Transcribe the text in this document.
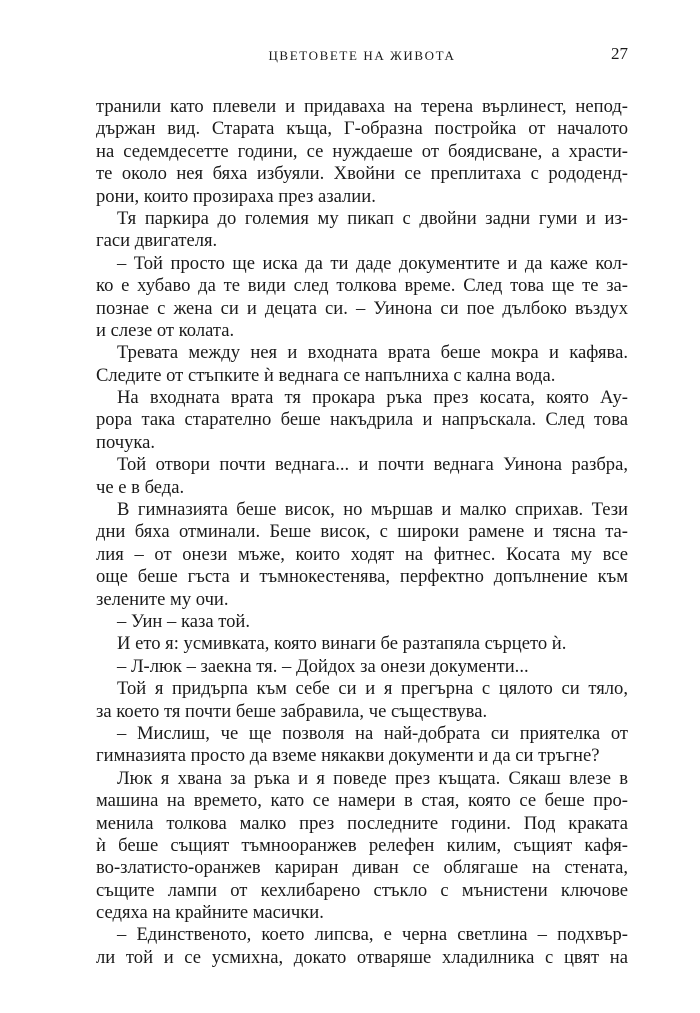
ЦВЕТОВЕТЕ НА ЖИВОТА	27
транили като плевели и придаваха на терена върлинест, непод-
държан вид. Старата къща, Г-образна постройка от началото
на седемдесетте години, се нуждаеше от боядисване, а храсти-
те около нея бяха избуяли. Хвойни се преплитаха с рододенд-
рони, които прозираха през азалии.
Тя паркира до големия му пикап с двойни задни гуми и из-
гаси двигателя.
– Той просто ще иска да ти даде документите и да каже кол-
ко е хубаво да те види след толкова време. След това ще те за-
познае с жена си и децата си. – Уинона си пое дълбоко въздух
и слезе от колата.
Тревата между нея и входната врата беше мокра и кафява.
Следите от стъпките ѝ веднага се напълниха с кална вода.
На входната врата тя прокара ръка през косата, която Ау-
рора така старателно беше накъдрила и напръскала. След това
почука.
Той отвори почти веднага... и почти веднага Уинона разбра,
че е в беда.
В гимназията беше висок, но мършав и малко сприхав. Тези
дни бяха отминали. Беше висок, с широки рамене и тясна та-
лия – от онези мъже, които ходят на фитнес. Косата му все
още беше гъста и тъмнокестенява, перфектно допълнение към
зелените му очи.
– Уин – каза той.
И ето я: усмивката, която винаги бе разтапяла сърцето ѝ.
– Л-люк – заекна тя. – Дойдох за онези документи...
Той я придърпа към себе си и я прегърна с цялото си тяло,
за което тя почти беше забравила, че съществува.
– Мислиш, че ще позволя на най-добрата си приятелка от
гимназията просто да вземе някакви документи и да си тръгне?
Люк я хвана за ръка и я поведе през къщата. Сякаш влезе в
машина на времето, като се намери в стая, която се беше про-
менила толкова малко през последните години. Под краката
ѝ беше същият тъмнооранжев релефен килим, същият кафя-
во-златисто-оранжев кариран диван се облягаше на стената,
същите лампи от кехлибарено стъкло с мънистени ключове
седяха на крайните масички.
– Единственото, което липсва, е черна светлина – подхвър-
ли той и се усмихна, докато отваряше хладилника с цвят на
